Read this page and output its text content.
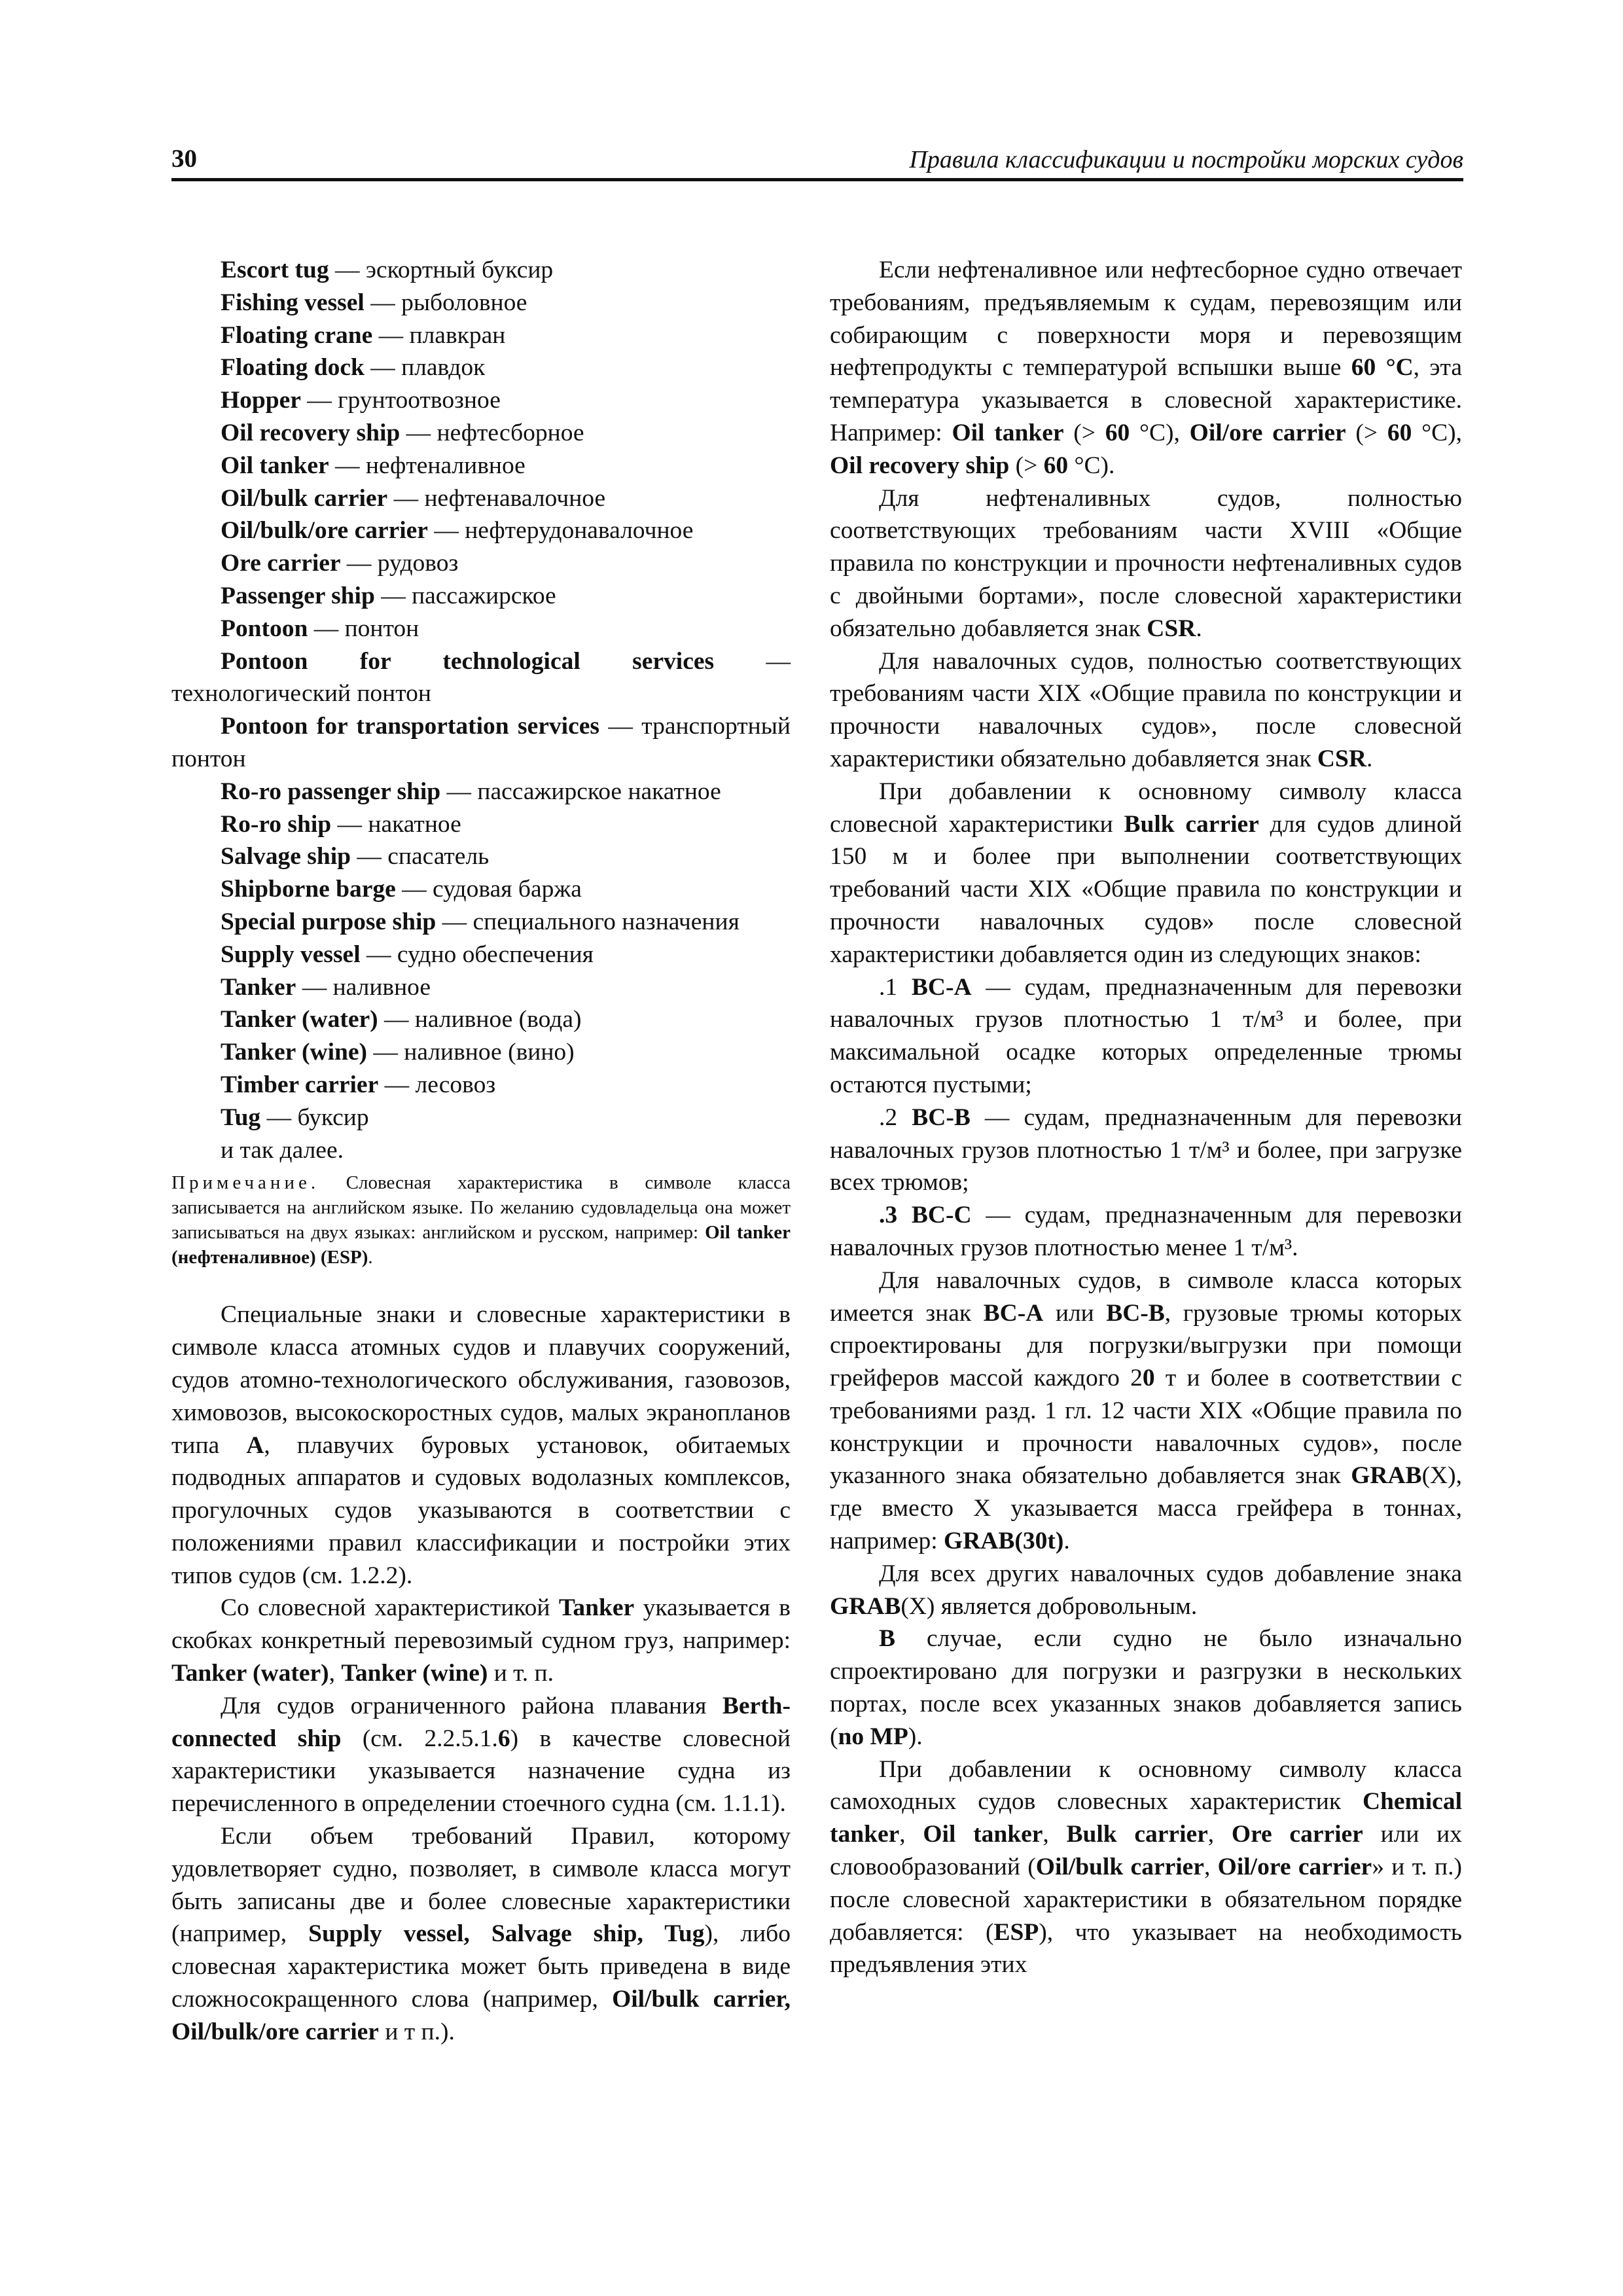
30	Правила классификации и постройки морских судов
Escort tug — эскортный буксир
Fishing vessel — рыболовное
Floating crane — плавкран
Floating dock — плавдок
Hopper — грунтоотвозное
Oil recovery ship — нефтесборное
Oil tanker — нефтеналивное
Oil/bulk carrier — нефтенавалочное
Oil/bulk/ore carrier — нефтерудонавалочное
Ore carrier — рудовоз
Passenger ship — пассажирское
Pontoon — понтон
Pontoon for technological services — технологический понтон
Pontoon for transportation services — транспортный понтон
Ro-ro passenger ship — пассажирское накатное
Ro-ro ship — накатное
Salvage ship — спасатель
Shipborne barge — судовая баржа
Special purpose ship — специального назначения
Supply vessel — судно обеспечения
Tanker — наливное
Tanker (water) — наливное (вода)
Tanker (wine) — наливное (вино)
Timber carrier — лесовоз
Tug — буксир
и так далее.
Примечание. Словесная характеристика в символе класса записывается на английском языке. По желанию судовладельца она может записываться на двух языках: английском и русском, например: Oil tanker (нефтеналивное) (ESP).
Специальные знаки и словесные характеристики в символе класса атомных судов и плавучих сооружений, судов атомно-технологического обслуживания, газовозов, химовозов, высокоскоростных судов, малых экранопланов типа A, плавучих буровых установок, обитаемых подводных аппаратов и судовых водолазных комплексов, прогулочных судов указываются в соответствии с положениями правил классификации и постройки этих типов судов (см. 1.2.2).
Со словесной характеристикой Tanker указывается в скобках конкретный перевозимый судном груз, например: Tanker (water), Tanker (wine) и т. п.
Для судов ограниченного района плавания Berth-connected ship (см. 2.2.5.1.6) в качестве словесной характеристики указывается назначение судна из перечисленного в определении стоечного судна (см. 1.1.1).
Если объем требований Правил, которому удовлетворяет судно, позволяет, в символе класса могут быть записаны две и более словесные характеристики (например, Supply vessel, Salvage ship, Tug), либо словесная характеристика может быть приведена в виде сложносокращенного слова (например, Oil/bulk carrier, Oil/bulk/ore carrier и т п.).
Если нефтеналивное или нефтесборное судно отвечает требованиям, предъявляемым к судам, перевозящим или собирающим с поверхности моря и перевозящим нефтепродукты с температурой вспышки выше 60 °C, эта температура указывается в словесной характеристике. Например: Oil tanker (> 60 °C), Oil/ore carrier (> 60 °C), Oil recovery ship (> 60 °C).
Для нефтеналивных судов, полностью соответствующих требованиям части XVIII «Общие правила по конструкции и прочности нефтеналивных судов с двойными бортами», после словесной характеристики обязательно добавляется знак CSR.
Для навалочных судов, полностью соответствующих требованиям части XIX «Общие правила по конструкции и прочности навалочных судов», после словесной характеристики обязательно добавляется знак CSR.
При добавлении к основному символу класса словесной характеристики Bulk carrier для судов длиной 150 м и более при выполнении соответствующих требований части XIX «Общие правила по конструкции и прочности навалочных судов» после словесной характеристики добавляется один из следующих знаков:
.1 BC-A — судам, предназначенным для перевозки навалочных грузов плотностью 1 т/м³ и более, при максимальной осадке которых определенные трюмы остаются пустыми;
.2 BC-B — судам, предназначенным для перевозки навалочных грузов плотностью 1 т/м³ и более, при загрузке всех трюмов;
.3 BC-C — судам, предназначенным для перевозки навалочных грузов плотностью менее 1 т/м³.
Для навалочных судов, в символе класса которых имеется знак BC-A или BC-B, грузовые трюмы которых спроектированы для погрузки/выгрузки при помощи грейферов массой каждого 20 т и более в соответствии с требованиями разд. 1 гл. 12 части XIX «Общие правила по конструкции и прочности навалочных судов», после указанного знака обязательно добавляется знак GRAB(X), где вместо X указывается масса грейфера в тоннах, например: GRAB(30t).
Для всех других навалочных судов добавление знака GRAB(X) является добровольным.
В случае, если судно не было изначально спроектировано для погрузки и разгрузки в нескольких портах, после всех указанных знаков добавляется запись (no MP).
При добавлении к основному символу класса самоходных судов словесных характеристик Chemical tanker, Oil tanker, Bulk carrier, Ore carrier или их словообразований (Oil/bulk carrier, Oil/ore carrier» и т. п.) после словесной характеристики в обязательном порядке добавляется: (ESP), что указывает на необходимость предъявления этих
